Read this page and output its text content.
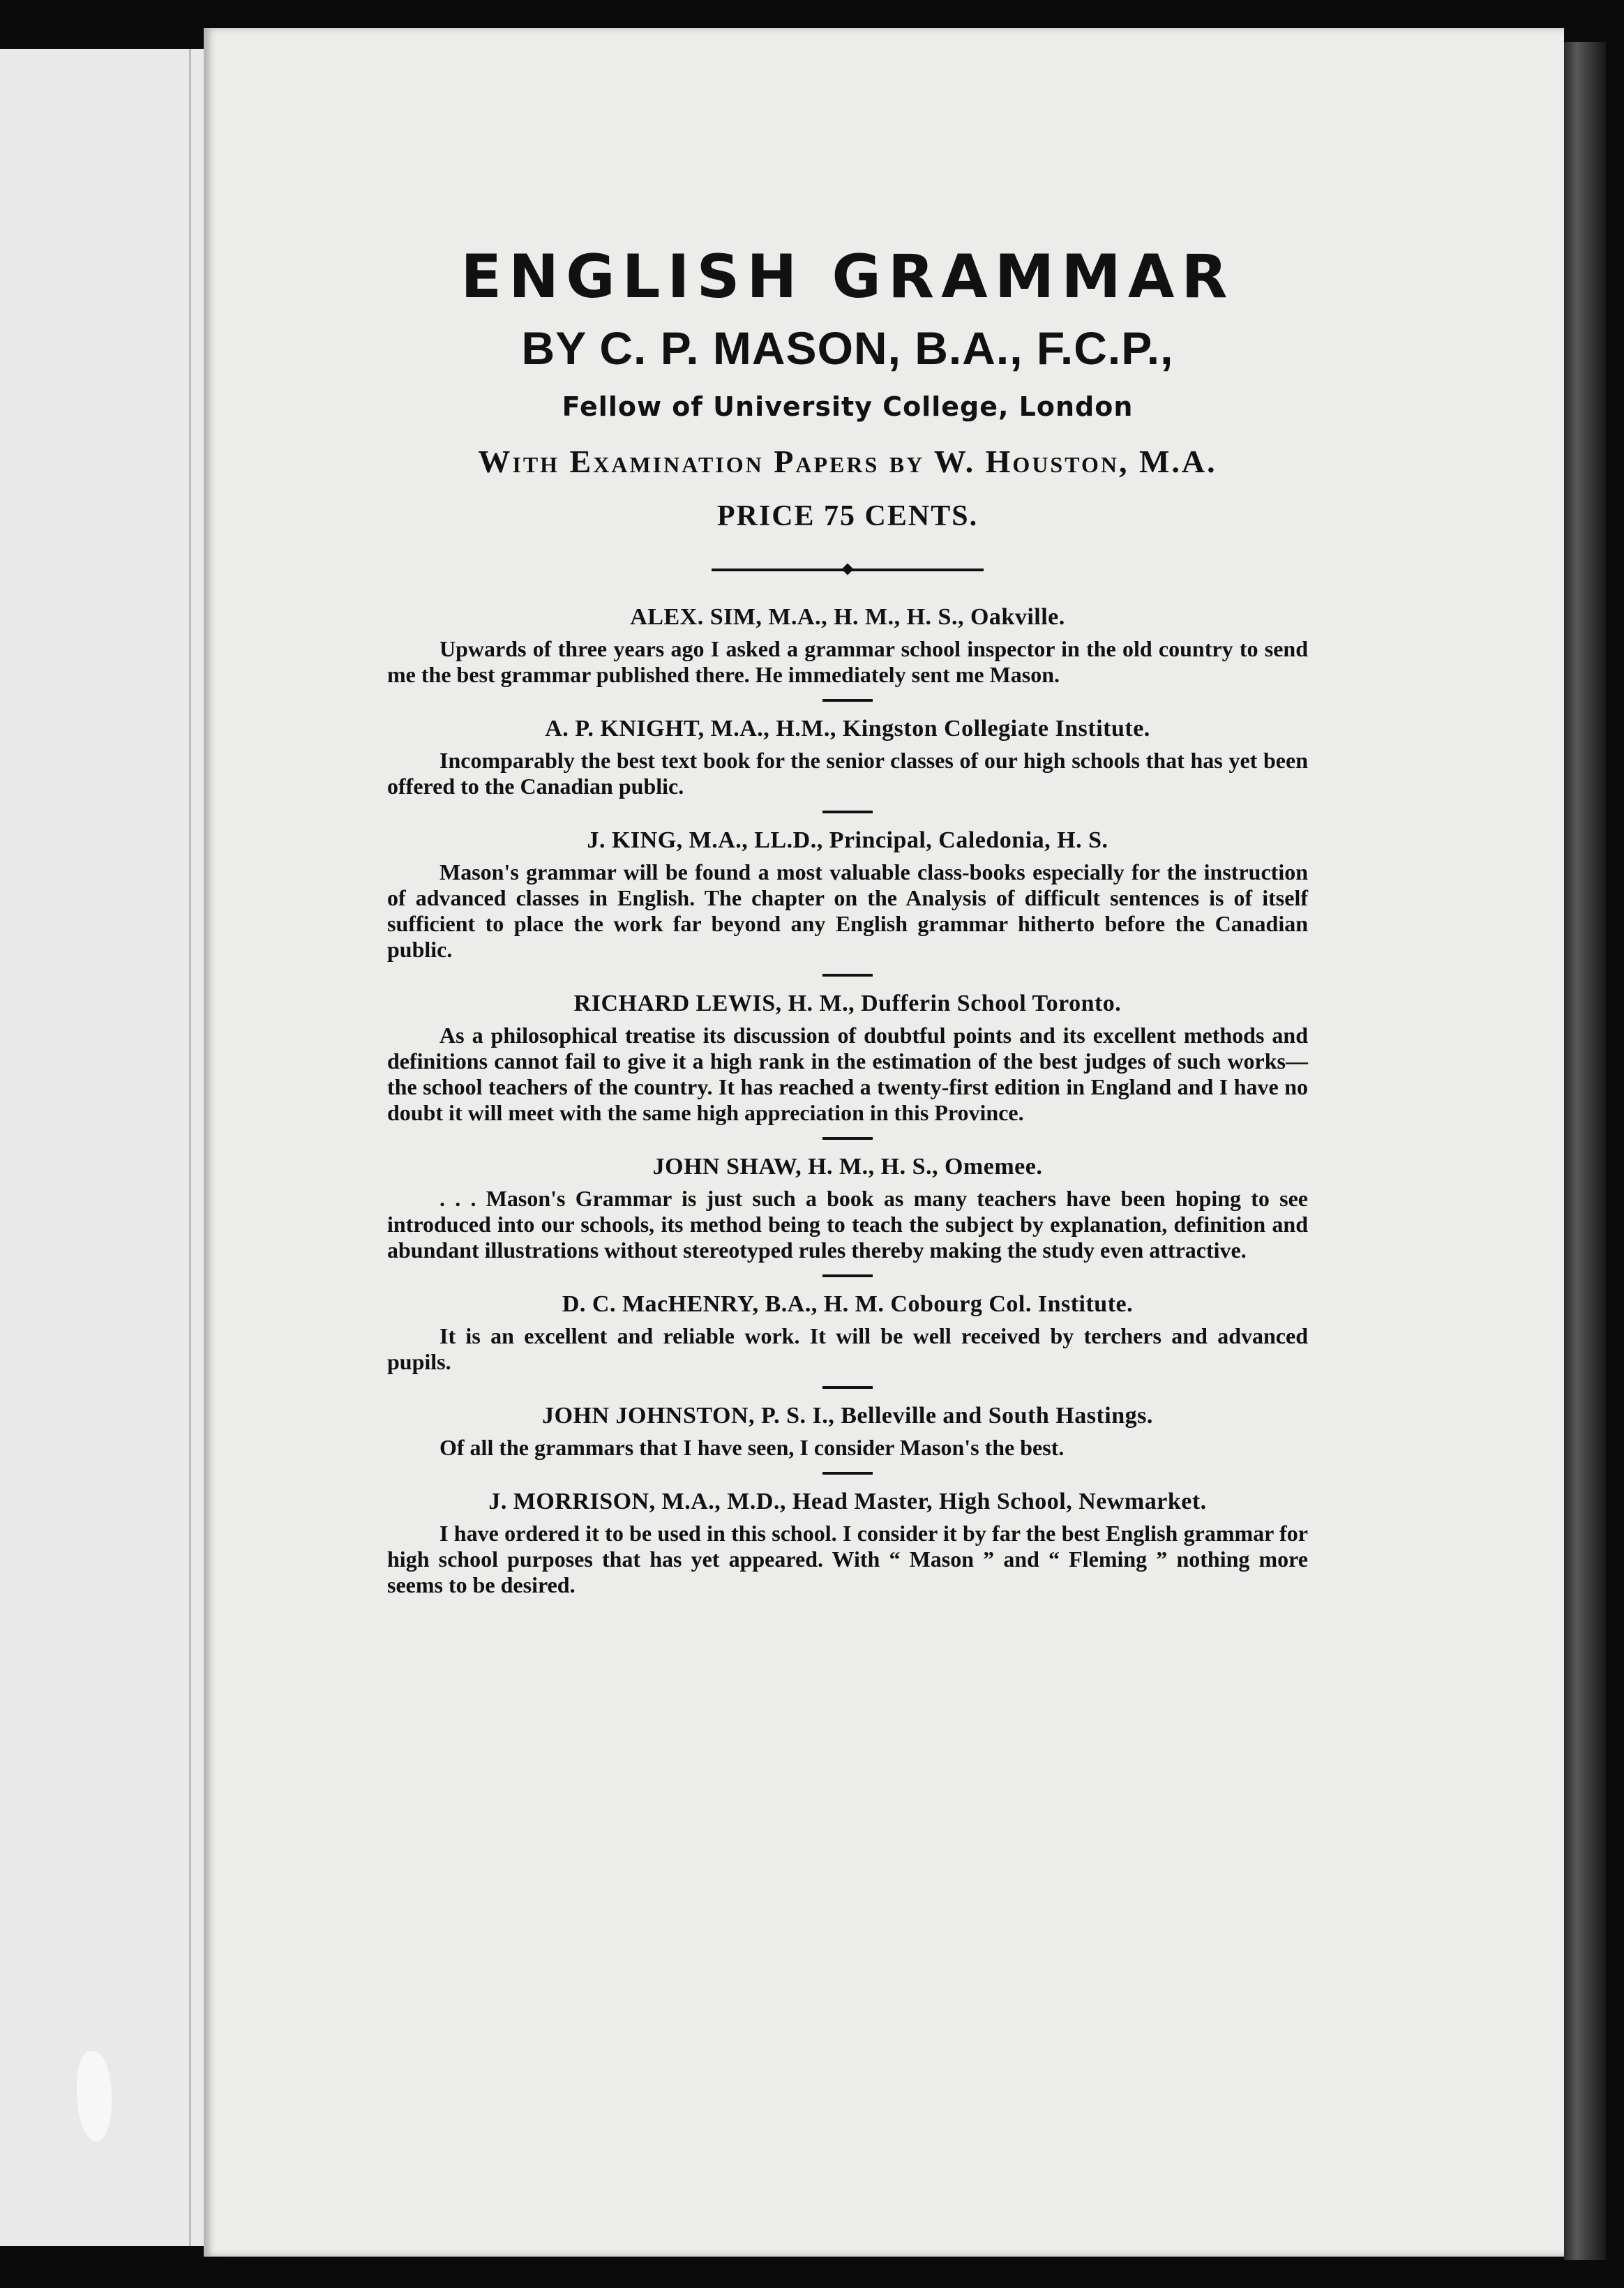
ENGLISH GRAMMAR
BY C. P. MASON, B.A., F.C.P.,
Fellow of University College, London
With Examination Papers by W. Houston, M.A.
PRICE 75 CENTS.
ALEX. SIM, M.A., H. M., H. S., Oakville.
Upwards of three years ago I asked a grammar school inspector in the old country to send me the best grammar published there. He immediately sent me Mason.
A. P. KNIGHT, M.A., H.M., Kingston Collegiate Institute.
Incomparably the best text book for the senior classes of our high schools that has yet been offered to the Canadian public.
J. KING, M.A., LL.D., Principal, Caledonia, H. S.
Mason's grammar will be found a most valuable class-books especially for the instruction of advanced classes in English. The chapter on the Analysis of difficult sentences is of itself sufficient to place the work far beyond any English grammar hitherto before the Canadian public.
RICHARD LEWIS, H. M., Dufferin School Toronto.
As a philosophical treatise its discussion of doubtful points and its excellent methods and definitions cannot fail to give it a high rank in the estimation of the best judges of such works—the school teachers of the country. It has reached a twenty-first edition in England and I have no doubt it will meet with the same high appreciation in this Province.
JOHN SHAW, H. M., H. S., Omemee.
. . . Mason's Grammar is just such a book as many teachers have been hoping to see introduced into our schools, its method being to teach the subject by explanation, definition and abundant illustrations without stereotyped rules thereby making the study even attractive.
D. C. MacHENRY, B.A., H. M. Cobourg Col. Institute.
It is an excellent and reliable work. It will be well received by terchers and advanced pupils.
JOHN JOHNSTON, P. S. I., Belleville and South Hastings.
Of all the grammars that I have seen, I consider Mason's the best.
J. MORRISON, M.A., M.D., Head Master, High School, Newmarket.
I have ordered it to be used in this school. I consider it by far the best English grammar for high school purposes that has yet appeared. With “ Mason ” and “ Fleming ” nothing more seems to be desired.
